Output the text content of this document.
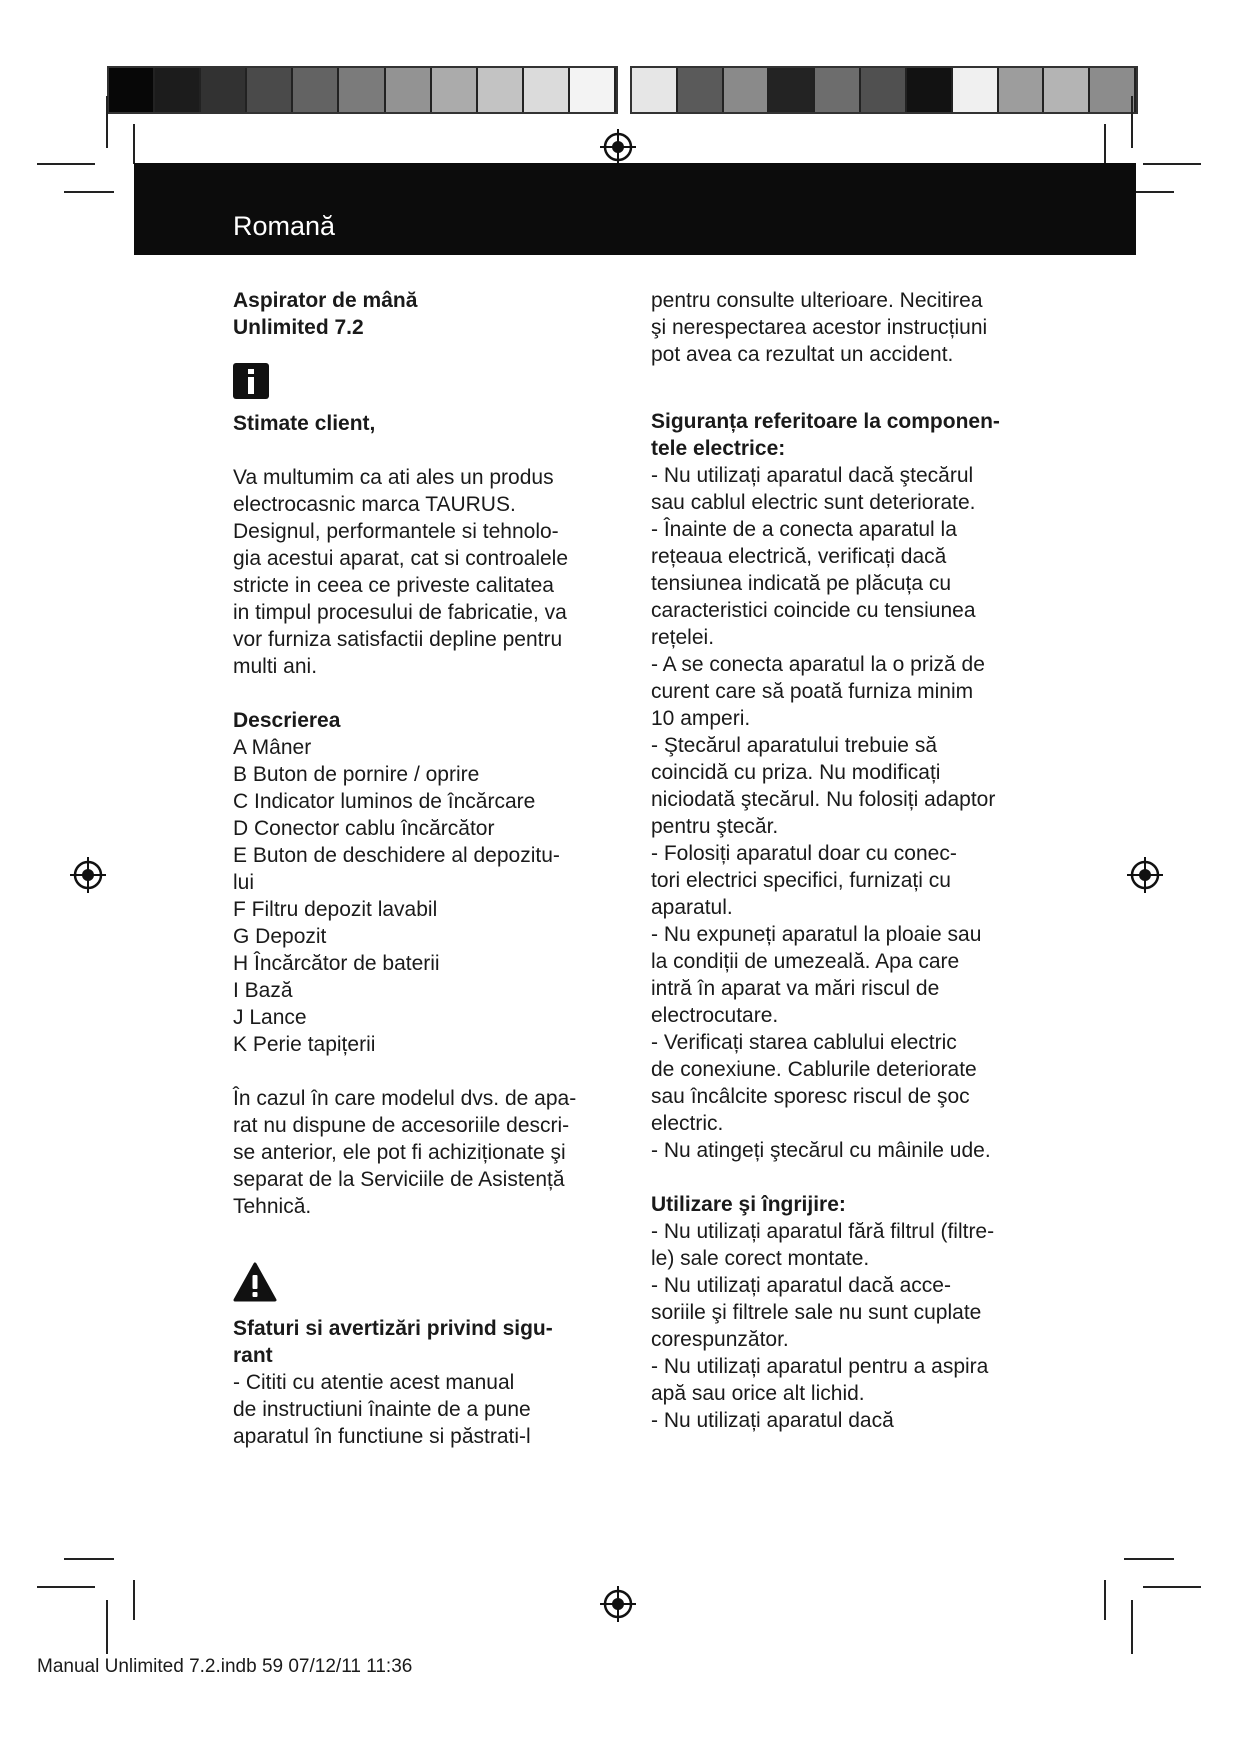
Romană

Aspirator de mână
Unlimited 7.2

Stimate client,

Va multumim ca ati ales un produs
electrocasnic marca TAURUS.
Designul, performantele si tehnolo-
gia acestui aparat, cat si controalele
stricte in ceea ce priveste calitatea
in timpul procesului de fabricatie, va
vor furniza satisfactii depline pentru
multi ani.

Descrierea

A Mâner

B Buton de pornire / oprire

C Indicator luminos de încărcare

D Conector cablu încărcător

E Buton de deschidere al depozitu-
lui

F Filtru depozit lavabil

G Depozit

H Încărcător de baterii

I Bază

J Lance

K Perie tapițerii

În cazul în care modelul dvs. de apa-
rat nu dispune de accesoriile descri-
se anterior, ele pot fi achiziționate şi
separat de la Serviciile de Asistență
Tehnică.

Sfaturi si avertizări privind sigu-
rant

- Cititi cu atentie acest manual
de instructiuni înainte de a pune
aparatul în functiune si păstrati-l

pentru consulte ulterioare. Necitirea
şi nerespectarea acestor instrucțiuni
pot avea ca rezultat un accident.

Siguranța referitoare la componen-
tele electrice:

- Nu utilizați aparatul dacă ştecărul
sau cablul electric sunt deteriorate.

- Înainte de a conecta aparatul la
rețeaua electrică, verificați dacă
tensiunea indicată pe plăcuța cu
caracteristici coincide cu tensiunea
rețelei.

- A se conecta aparatul la o priză de
curent care să poată furniza minim
10 amperi.

- Ştecărul aparatului trebuie să
coincidă cu priza. Nu modificați
niciodată ştecărul. Nu folosiți adaptor
pentru ştecăr.

- Folosiți aparatul doar cu conec-
tori electrici specifici, furnizați cu
aparatul.

- Nu expuneți aparatul la ploaie sau
la condiții de umezeală. Apa care
intră în aparat va mări riscul de
electrocutare.

- Verificați starea cablului electric
de conexiune. Cablurile deteriorate
sau încâlcite sporesc riscul de şoc
electric.

- Nu atingeți ştecărul cu mâinile ude.

Utilizare şi îngrijire:

- Nu utilizați aparatul fără filtrul (filtre-
le) sale corect montate.

- Nu utilizați aparatul dacă acce-
soriile şi filtrele sale nu sunt cuplate
corespunzător.

- Nu utilizați aparatul pentru a aspira
apă sau orice alt lichid.

- Nu utilizați aparatul dacă

Manual Unlimited 7.2.indb 59 07/12/11 11:36
